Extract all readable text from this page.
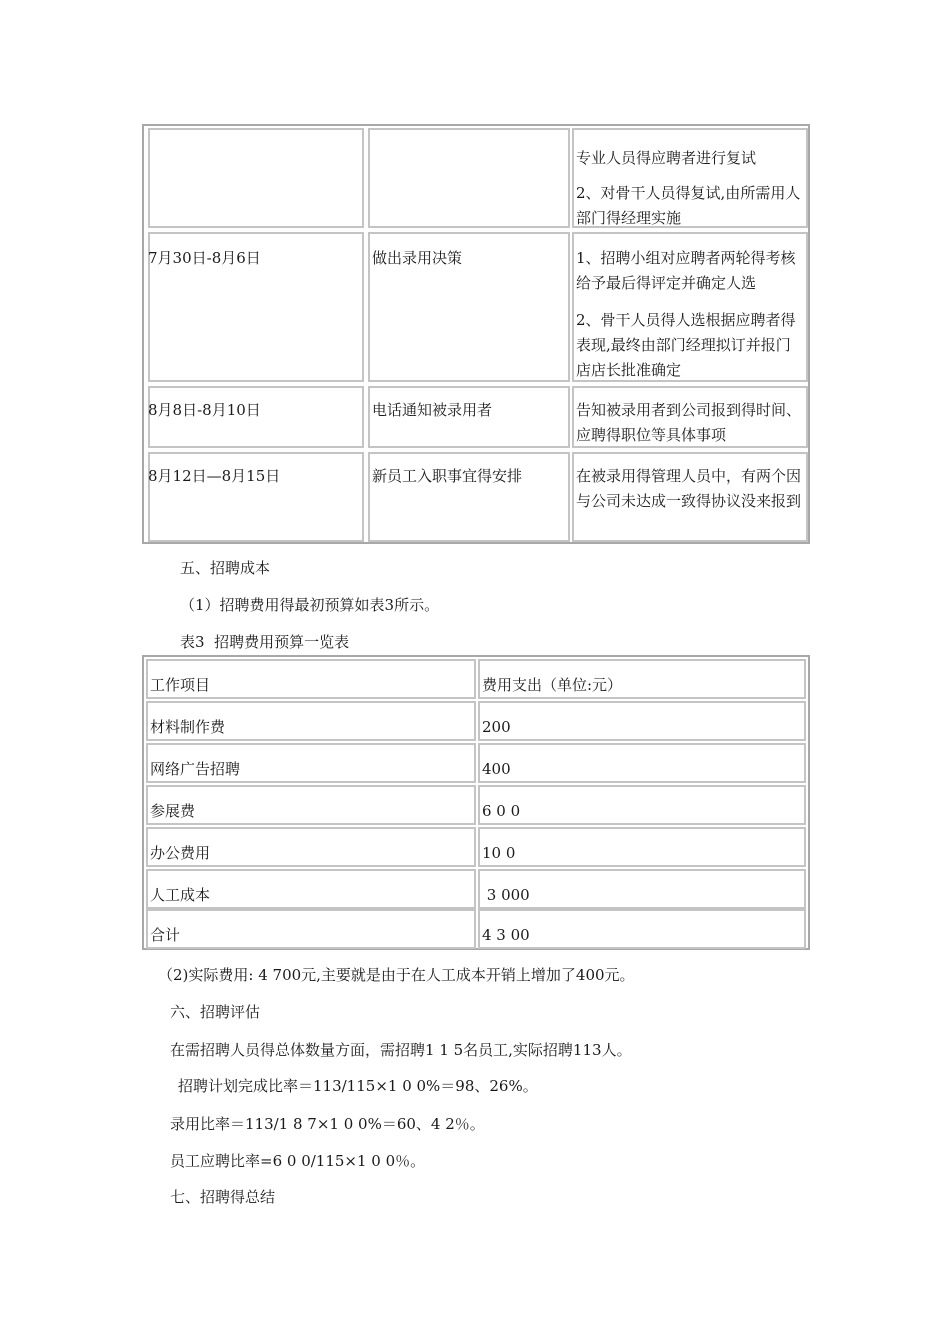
专业人员得应聘者进行复试
2、对骨干人员得复试,由所需用人部门得经理实施
7月30日-8月6日	做出录用决策	1、招聘小组对应聘者两轮得考核给予最后得评定并确定人选
2、骨干人员得人选根据应聘者得表现,最终由部门经理拟订并报门店店长批准确定
8月8日-8月10日	电话通知被录用者	告知被录用者到公司报到得时间、应聘得职位等具体事项
8月12日—8月15日	新员工入职事宜得安排	在被录用得管理人员中，有两个因与公司未达成一致得协议没来报到
五、招聘成本
（1）招聘费用得最初预算如表3所示。
表3  招聘费用预算一览表
工作项目	费用支出（单位:元）
材料制作费	200
网络广告招聘	400
参展费	6 0 0
办公费用	10 0
人工成本	3 000
合计	4 3 00
（2)实际费用: 4 700元,主要就是由于在人工成本开销上增加了400元。
六、招聘评估
在需招聘人员得总体数量方面，需招聘1 1 5名员工,实际招聘113人。
招聘计划完成比率＝113/115×1 0 0%＝98、26%。
录用比率＝113/1 8 7×1 0 0%＝60、4 2％。
员工应聘比率=6 0 0/115×1 0 0％。
七、招聘得总结
